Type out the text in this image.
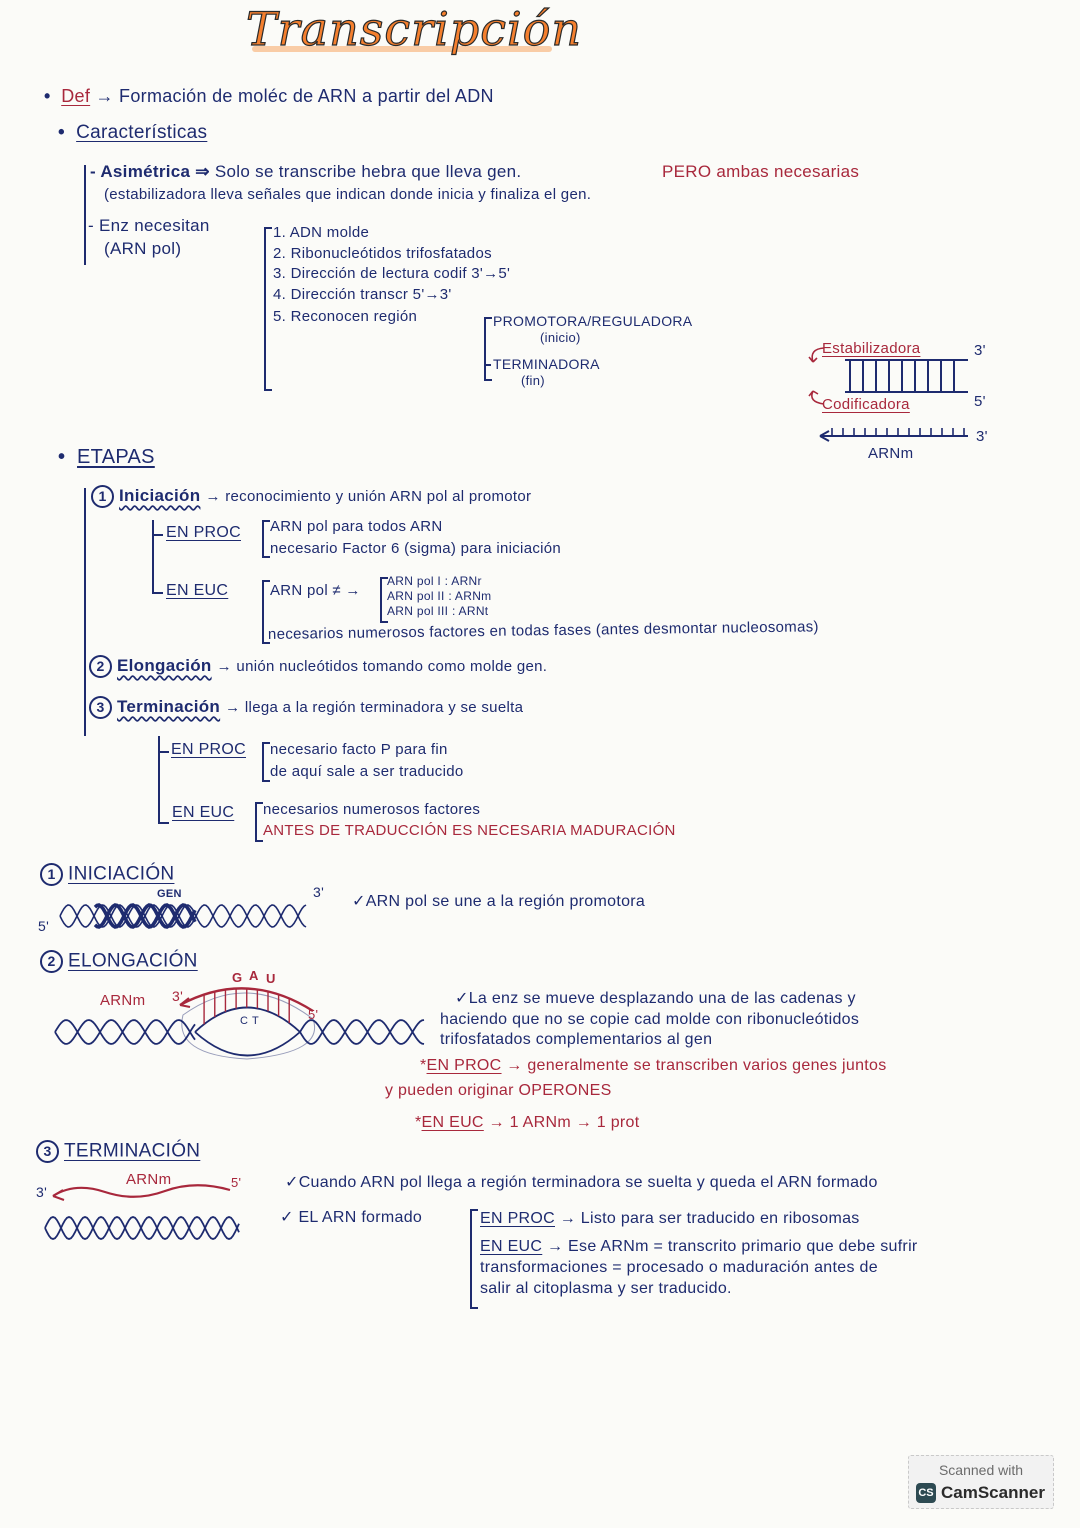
Transcripción
• Def → Formación de moléc de ARN a partir del ADN
• Características
- Asimétrica ⇒ Solo se transcribe hebra que lleva gen.	PERO ambas necesarias
(estabilizadora lleva señales que indican donde inicia y finaliza el gen.
- Enz necesitan
(ARN pol)
1. ADN molde
2. Ribonucleótidos trifosfatados
3. Dirección de lectura codif 3'→5'
4. Dirección transcr 5'→3'
5. Reconocen región	PROMOTORA/REGULADORA
(inicio)
TERMINADORA
(fin)
Estabilizadora	3'
Codificadora	5'
3'
ARNm
• ETAPAS
1 Iniciación → reconocimiento y unión ARN pol al promotor
EN PROC ARN pol para todos ARN
necesario Factor 6 (sigma) para iniciación
EN EUC	ARN pol ≠ →
ARN pol I : ARNr
ARN pol II : ARNm
ARN pol III : ARNt
necesarios numerosos factores en todas fases (antes desmontar nucleosomas)
2 Elongación → unión nucleótidos tomando como molde gen.
3 Terminación → llega a la región terminadora y se suelta
EN PROC necesario facto P para fin
de aquí sale a ser traducido
EN EUC necesarios numerosos factores
ANTES DE TRADUCCIÓN ES NECESARIA MADURACIÓN
1 INICIACIÓN
GEN
5'
3'
✓ARN pol se une a la región promotora
2 ELONGACIÓN
ARNm 3'
G A U
C T	5'
✓La enz se mueve desplazando una de las cadenas y
haciendo que no se copie cad molde con ribonucleótidos
trifosfatados complementarios al gen
*EN PROC → generalmente se transcriben varios genes juntos
y pueden originar OPERONES
*EN EUC → 1 ARNm → 1 prot
3 TERMINACIÓN
3'
ARNm	5'	✓Cuando ARN pol llega a región terminadora se suelta y queda el ARN formado
✓ EL ARN formado	EN PROC → Listo para ser traducido en ribosomas
EN EUC → Ese ARNm = transcrito primario que debe sufrir
transformaciones = procesado o maduración antes de
salir al citoplasma y ser traducido.
Scanned with
CS CamScanner
